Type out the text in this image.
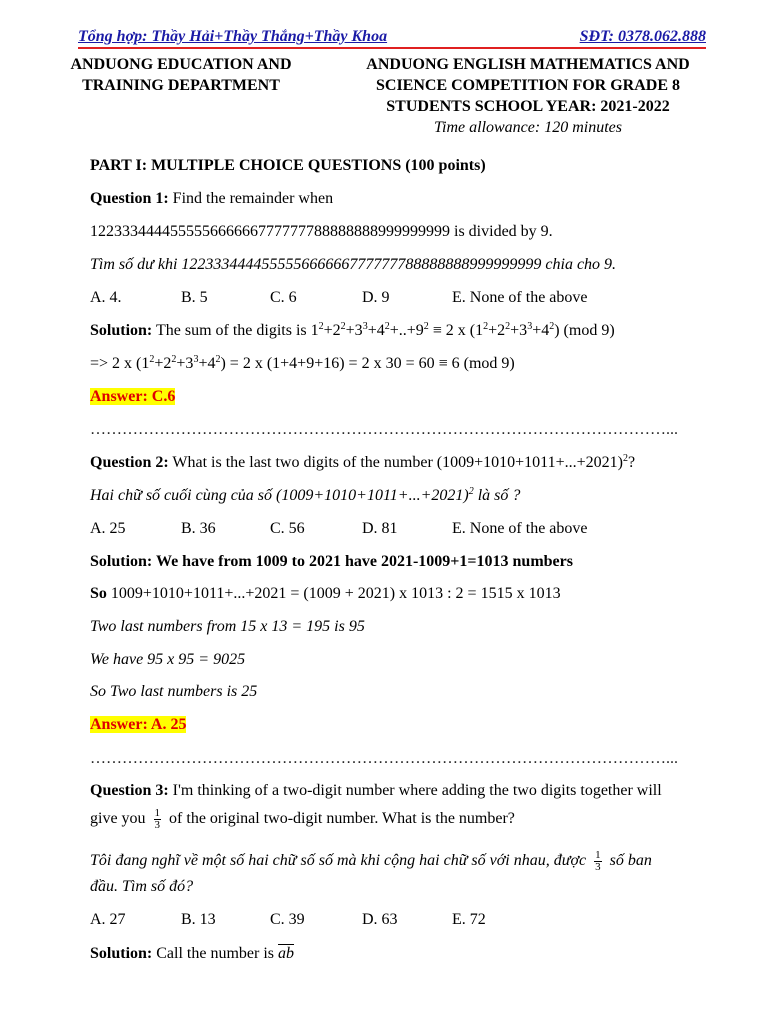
Tổng hợp: Thầy Hải+Thầy Thắng+Thầy Khoa	SĐT: 0378.062.888
ANDUONG EDUCATION AND
TRAINING DEPARTMENT
ANDUONG ENGLISH MATHEMATICS AND
SCIENCE COMPETITION FOR GRADE 8
STUDENTS SCHOOL YEAR: 2021-2022
Time allowance: 120 minutes
PART I: MULTIPLE CHOICE QUESTIONS (100 points)
Question 1: Find the remainder when
122333444455555666666777777788888888999999999 is divided by 9.
Tìm số dư khi 122333444455555666666777777788888888999999999 chia cho 9.
A. 4.	B. 5	C. 6	D. 9	E. None of the above
Solution: The sum of the digits is $1^2+2^2+3^3+4^2+..+9^2 \equiv 2$ x $(1^2+2^2+3^3+4^2)$ (mod 9)
=> 2 x $(1^2+2^2+3^3+4^2) = 2$ x (1+4+9+16) = 2 x 30 = 60 ≡ 6 (mod 9)
Answer: C.6
………………………………………………………………………………………………...
Question 2: What is the last two digits of the number $(1009+1010+1011+...+2021)^2$?
Hai chữ số cuối cùng của số $(1009+1010+1011+...+2021)^2$ là số ?
A. 25	B. 36	C. 56	D. 81	E. None of the above
Solution: We have from 1009 to 2021 have 2021-1009+1=1013 numbers
So 1009+1010+1011+...+2021 = (1009 + 2021) x 1013 : 2 = 1515 x 1013
Two last numbers from 15 x 13 = 195 is 95
We have 95 x 95 = 9025
So Two last numbers is 25
Answer: A. 25
………………………………………………………………………………………………...
Question 3: I'm thinking of a two-digit number where adding the two digits together will
give you $\frac{1}{3}$ of the original two-digit number. What is the number?
Tôi đang nghĩ về một số hai chữ số số mà khi cộng hai chữ số với nhau, được $\frac{1}{3}$ số ban
đầu. Tìm số đó?
A. 27	B. 13	C. 39	D. 63	E. 72
Solution: Call the number is $\overline{ab}$
